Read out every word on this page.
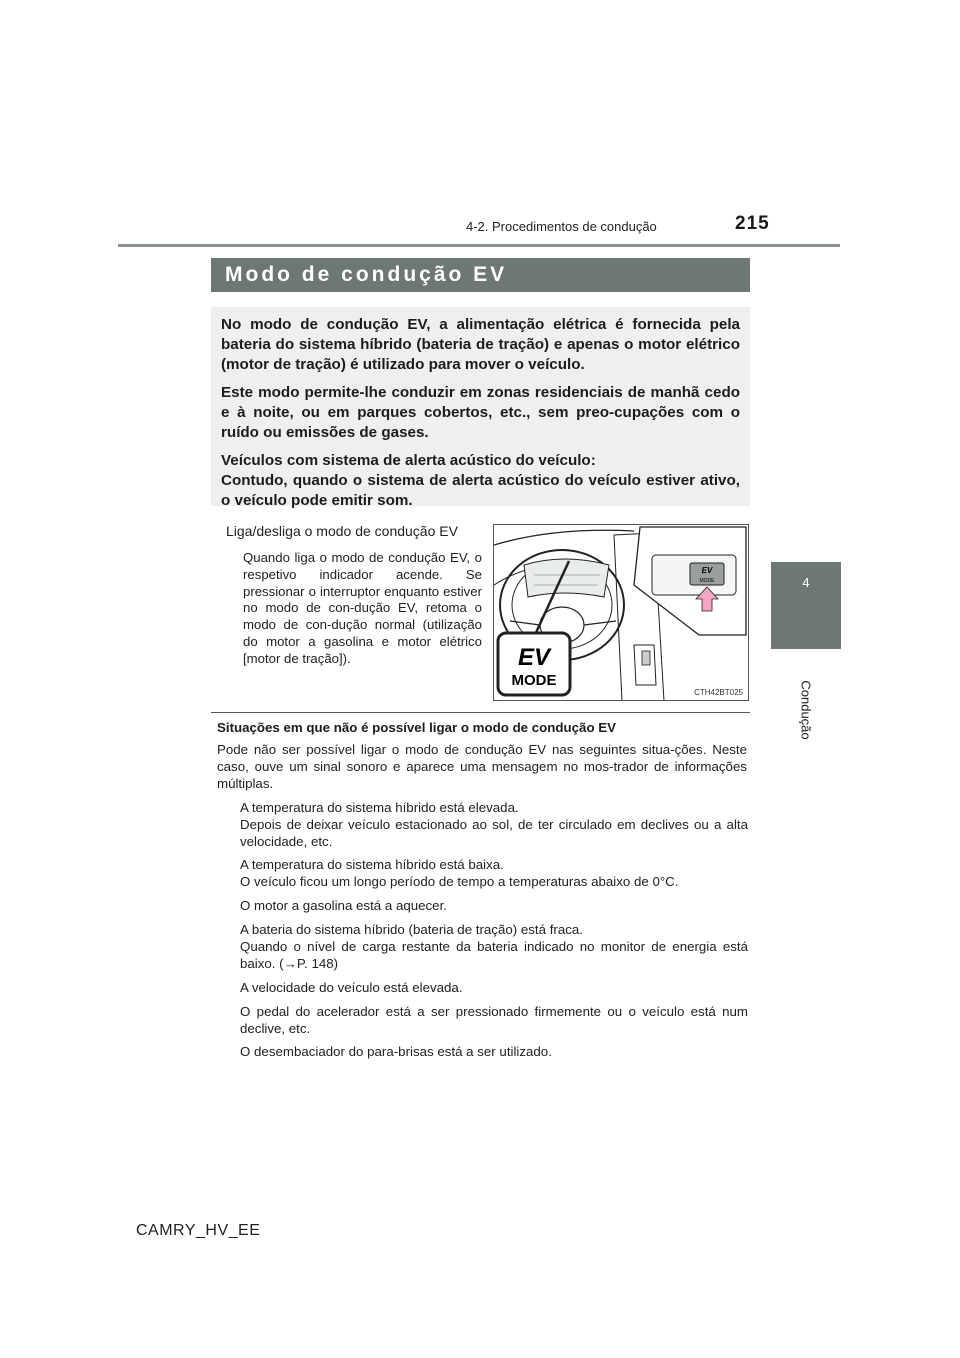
4-2. Procedimentos de condução	215
4
Condução
Modo de condução EV

No modo de condução EV, a alimentação elétrica é fornecida pela bateria do sistema híbrido (bateria de tração) e apenas o motor elétrico (motor de tração) é utilizado para mover o veículo.

Este modo permite-lhe conduzir em zonas residenciais de manhã cedo e à noite, ou em parques cobertos, etc., sem preo-cupações com o ruído ou emissões de gases.

Veículos com sistema de alerta acústico do veículo:

Contudo, quando o sistema de alerta acústico do veículo estiver ativo, o veículo pode emitir som.

Liga/desliga o modo de condução EV
Quando liga o modo de condução EV, o respetivo indicador acende. Se pressionar o interruptor enquanto estiver no modo de con-dução EV, retoma o modo de con-dução normal (utilização do motor a gasolina e motor elétrico [motor de tração]).
EV
MODE
EV
MODE
CTH42BT025
Situações em que não é possível ligar o modo de condução EV
Pode não ser possível ligar o modo de condução EV nas seguintes situa-ções. Neste caso, ouve um sinal sonoro e aparece uma mensagem no mos-trador de informações múltiplas.
A temperatura do sistema híbrido está elevada.
Depois de deixar veículo estacionado ao sol, de ter circulado em declives ou a alta velocidade, etc.
A temperatura do sistema híbrido está baixa.
O veículo ficou um longo período de tempo a temperaturas abaixo de 0°C.
O motor a gasolina está a aquecer.
A bateria do sistema híbrido (bateria de tração) está fraca.
Quando o nível de carga restante da bateria indicado no monitor de energia está baixo. (→P. 148)
A velocidade do veículo está elevada.
O pedal do acelerador está a ser pressionado firmemente ou o veículo está num declive, etc.
O desembaciador do para-brisas está a ser utilizado.
CAMRY_HV_EE
